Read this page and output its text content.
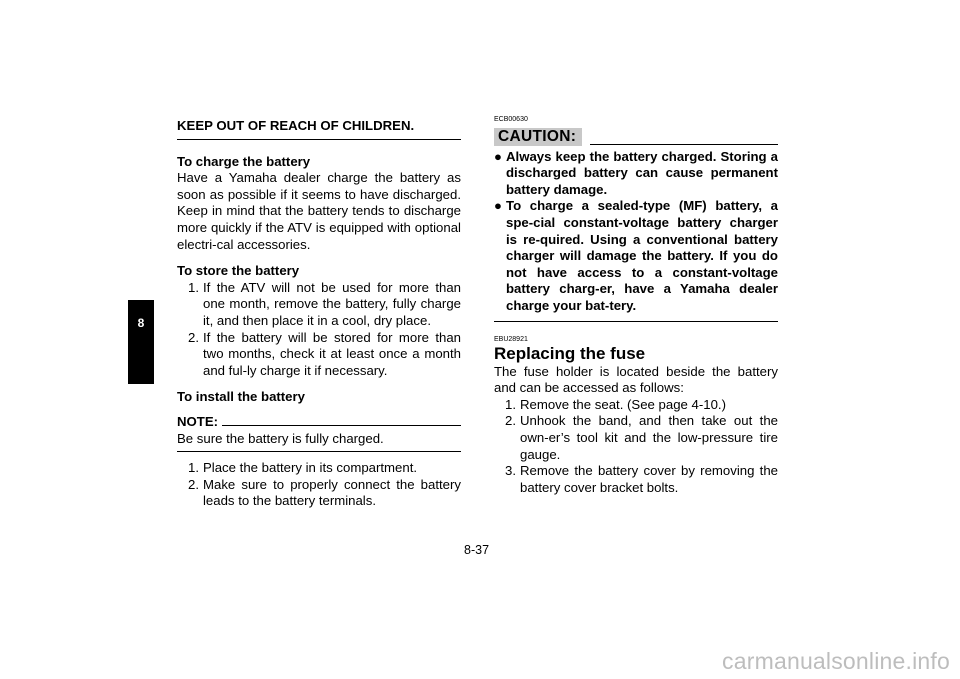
8
KEEP OUT OF REACH OF CHILDREN.
To charge the battery
Have a Yamaha dealer charge the battery as soon as possible if it seems to have discharged. Keep in mind that the battery tends to discharge more quickly if the ATV is equipped with optional electri-cal accessories.
To store the battery
1. If the ATV will not be used for more than one month, remove the battery, fully charge it, and then place it in a cool, dry place.
2. If the battery will be stored for more than two months, check it at least once a month and ful-ly charge it if necessary.
To install the battery
NOTE:
Be sure the battery is fully charged.
1. Place the battery in its compartment.
2. Make sure to properly connect the battery leads to the battery terminals.
ECB00630
CAUTION:
● Always keep the battery charged. Storing a discharged battery can cause permanent battery damage.
● To charge a sealed-type (MF) battery, a spe-cial constant-voltage battery charger is re-quired. Using a conventional battery charger will damage the battery. If you do not have access to a constant-voltage battery charg-er, have a Yamaha dealer charge your bat-tery.
EBU28921
Replacing the fuse
The fuse holder is located beside the battery and can be accessed as follows:
1. Remove the seat. (See page 4-10.)
2. Unhook the band, and then take out the own-er’s tool kit and the low-pressure tire gauge.
3. Remove the battery cover by removing the battery cover bracket bolts.
8-37
carmanualsonline.info
